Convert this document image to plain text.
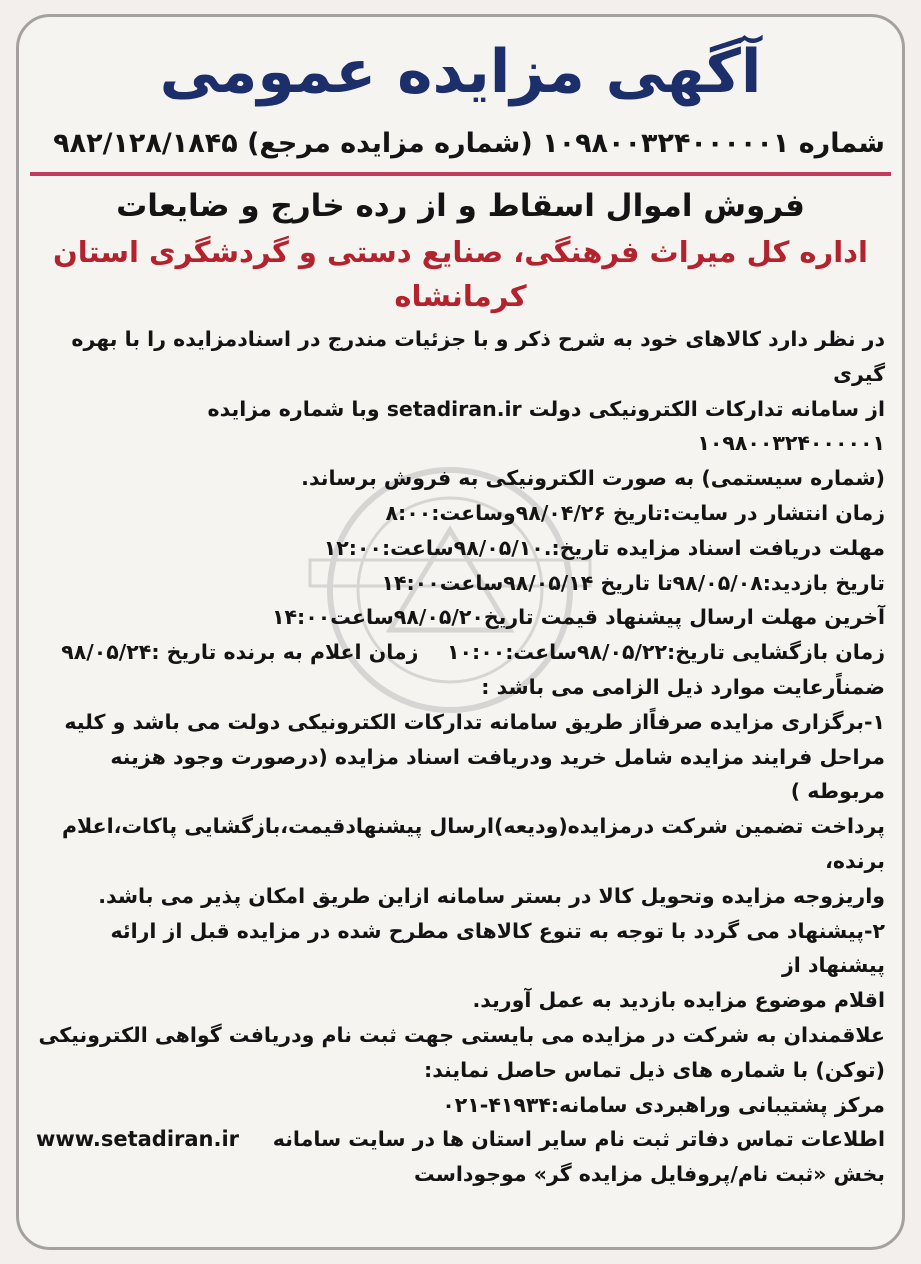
آگهی مزایده عمومی
شماره ۱۰۹۸۰۰۳۲۴۰۰۰۰۰۱ (شماره مزایده مرجع) ۹۸۲/۱۲۸/۱۸۴۵
فروش اموال اسقاط و از رده خارج و ضایعات
اداره کل میراث فرهنگی، صنایع دستی و گردشگری استان کرمانشاه

در نظر دارد کالاهای خود به شرح ذکر و با جزئیات مندرج در اسنادمزایده را با بهره گیری
از سامانه تدارکات الکترونیکی دولت setadiran.ir وبا شماره مزایده ۱۰۹۸۰۰۳۲۴۰۰۰۰۰۱
(شماره سیستمی) به صورت الکترونیکی به فروش برساند.

زمان انتشار در سایت:تاریخ ۹۸/۰۴/۲۶وساعت:۸:۰۰

مهلت دریافت اسناد مزایده تاریخ:.۹۸/۰۵/۱۰ساعت:۱۲:۰۰

تاریخ بازدید:۹۸/۰۵/۰۸تا تاریخ ۹۸/۰۵/۱۴ساعت۱۴:۰۰

آخرین مهلت ارسال پیشنهاد قیمت تاریخ۹۸/۰۵/۲۰ساعت۱۴:۰۰

زمان بازگشایی تاریخ:۹۸/۰۵/۲۲ساعت:۱۰:۰۰    زمان اعلام به برنده تاریخ :۹۸/۰۵/۲۴

ضمناًرعایت موارد ذیل الزامی می باشد :

۱-برگزاری مزایده صرفاًاز طریق سامانه تدارکات الکترونیکی دولت می باشد و کلیه
مراحل فرایند مزایده شامل خرید ودریافت اسناد مزایده (درصورت وجود هزینه مربوطه )
پرداخت تضمین شرکت درمزایده(ودیعه)ارسال پیشنهادقیمت،بازگشایی پاکات،اعلام برنده،
واریزوجه مزایده وتحویل کالا در بستر سامانه ازاین طریق امکان پذیر می باشد.

۲-پیشنهاد می گردد با توجه به تنوع کالاهای مطرح شده در مزایده قبل از ارائه پیشنهاد از
اقلام موضوع مزایده بازدید به عمل آورید.

علاقمندان به شرکت در مزایده می بایستی جهت ثبت نام ودریافت گواهی الکترونیکی
(توکن) با شماره های ذیل تماس حاصل نمایند:

مرکز پشتیبانی وراهبردی سامانه:۴۱۹۳۴-۰۲۱

اطلاعات تماس دفاتر ثبت نام سایر استان ها در سایت سامانه
www.setadiran.ir

بخش «ثبت نام/پروفایل مزایده گر» موجوداست
